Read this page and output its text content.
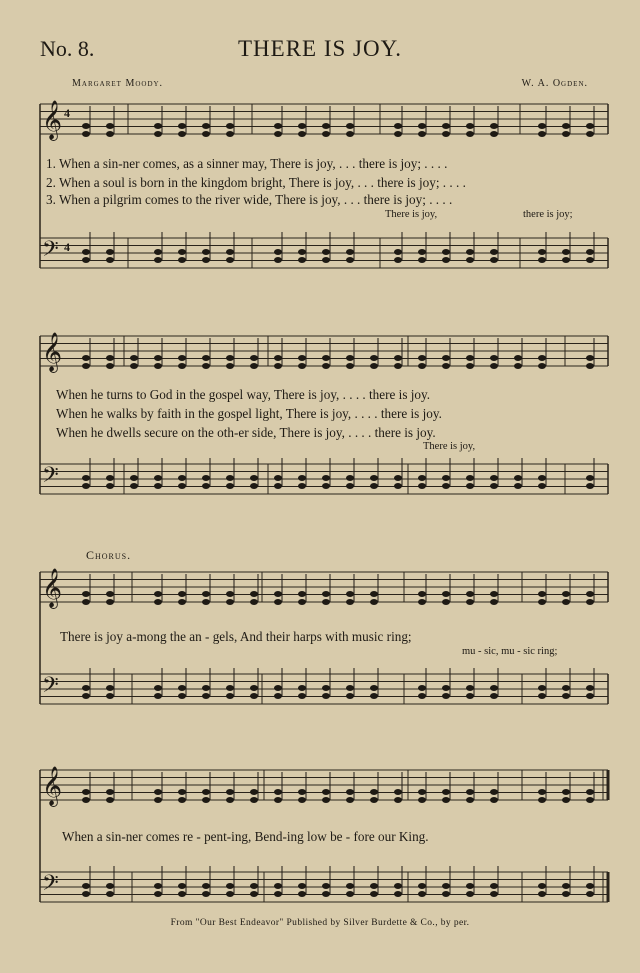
No. 8.	THERE IS JOY.
Margaret Moody.	W. A. Ogden.
𝄞 4
𝄢 4
𝄞
𝄢
𝄞
𝄢
𝄞
𝄢
1. When a sin-ner comes, as a sinner may, There is joy, . . . there is joy; . . . .
2. When a soul is born in the kingdom bright, There is joy, . . . there is joy; . . . .
3. When a pilgrim comes to the river wide, There is joy, . . . there is joy; . . . .
There is joy,	there is joy;
When he turns to God in the gospel way, There is joy, . . . . there is joy.
When he walks by faith in the gospel light, There is joy, . . . . there is joy.
When he dwells secure on the oth-er side, There is joy, . . . . there is joy.
There is joy,
Chorus.
There is joy a-mong the an - gels, And their harps with music ring;
mu - sic, mu - sic ring;
When a sin-ner comes re - pent-ing, Bend-ing low be - fore our King.
From "Our Best Endeavor" Published by Silver Burdette & Co., by per.
